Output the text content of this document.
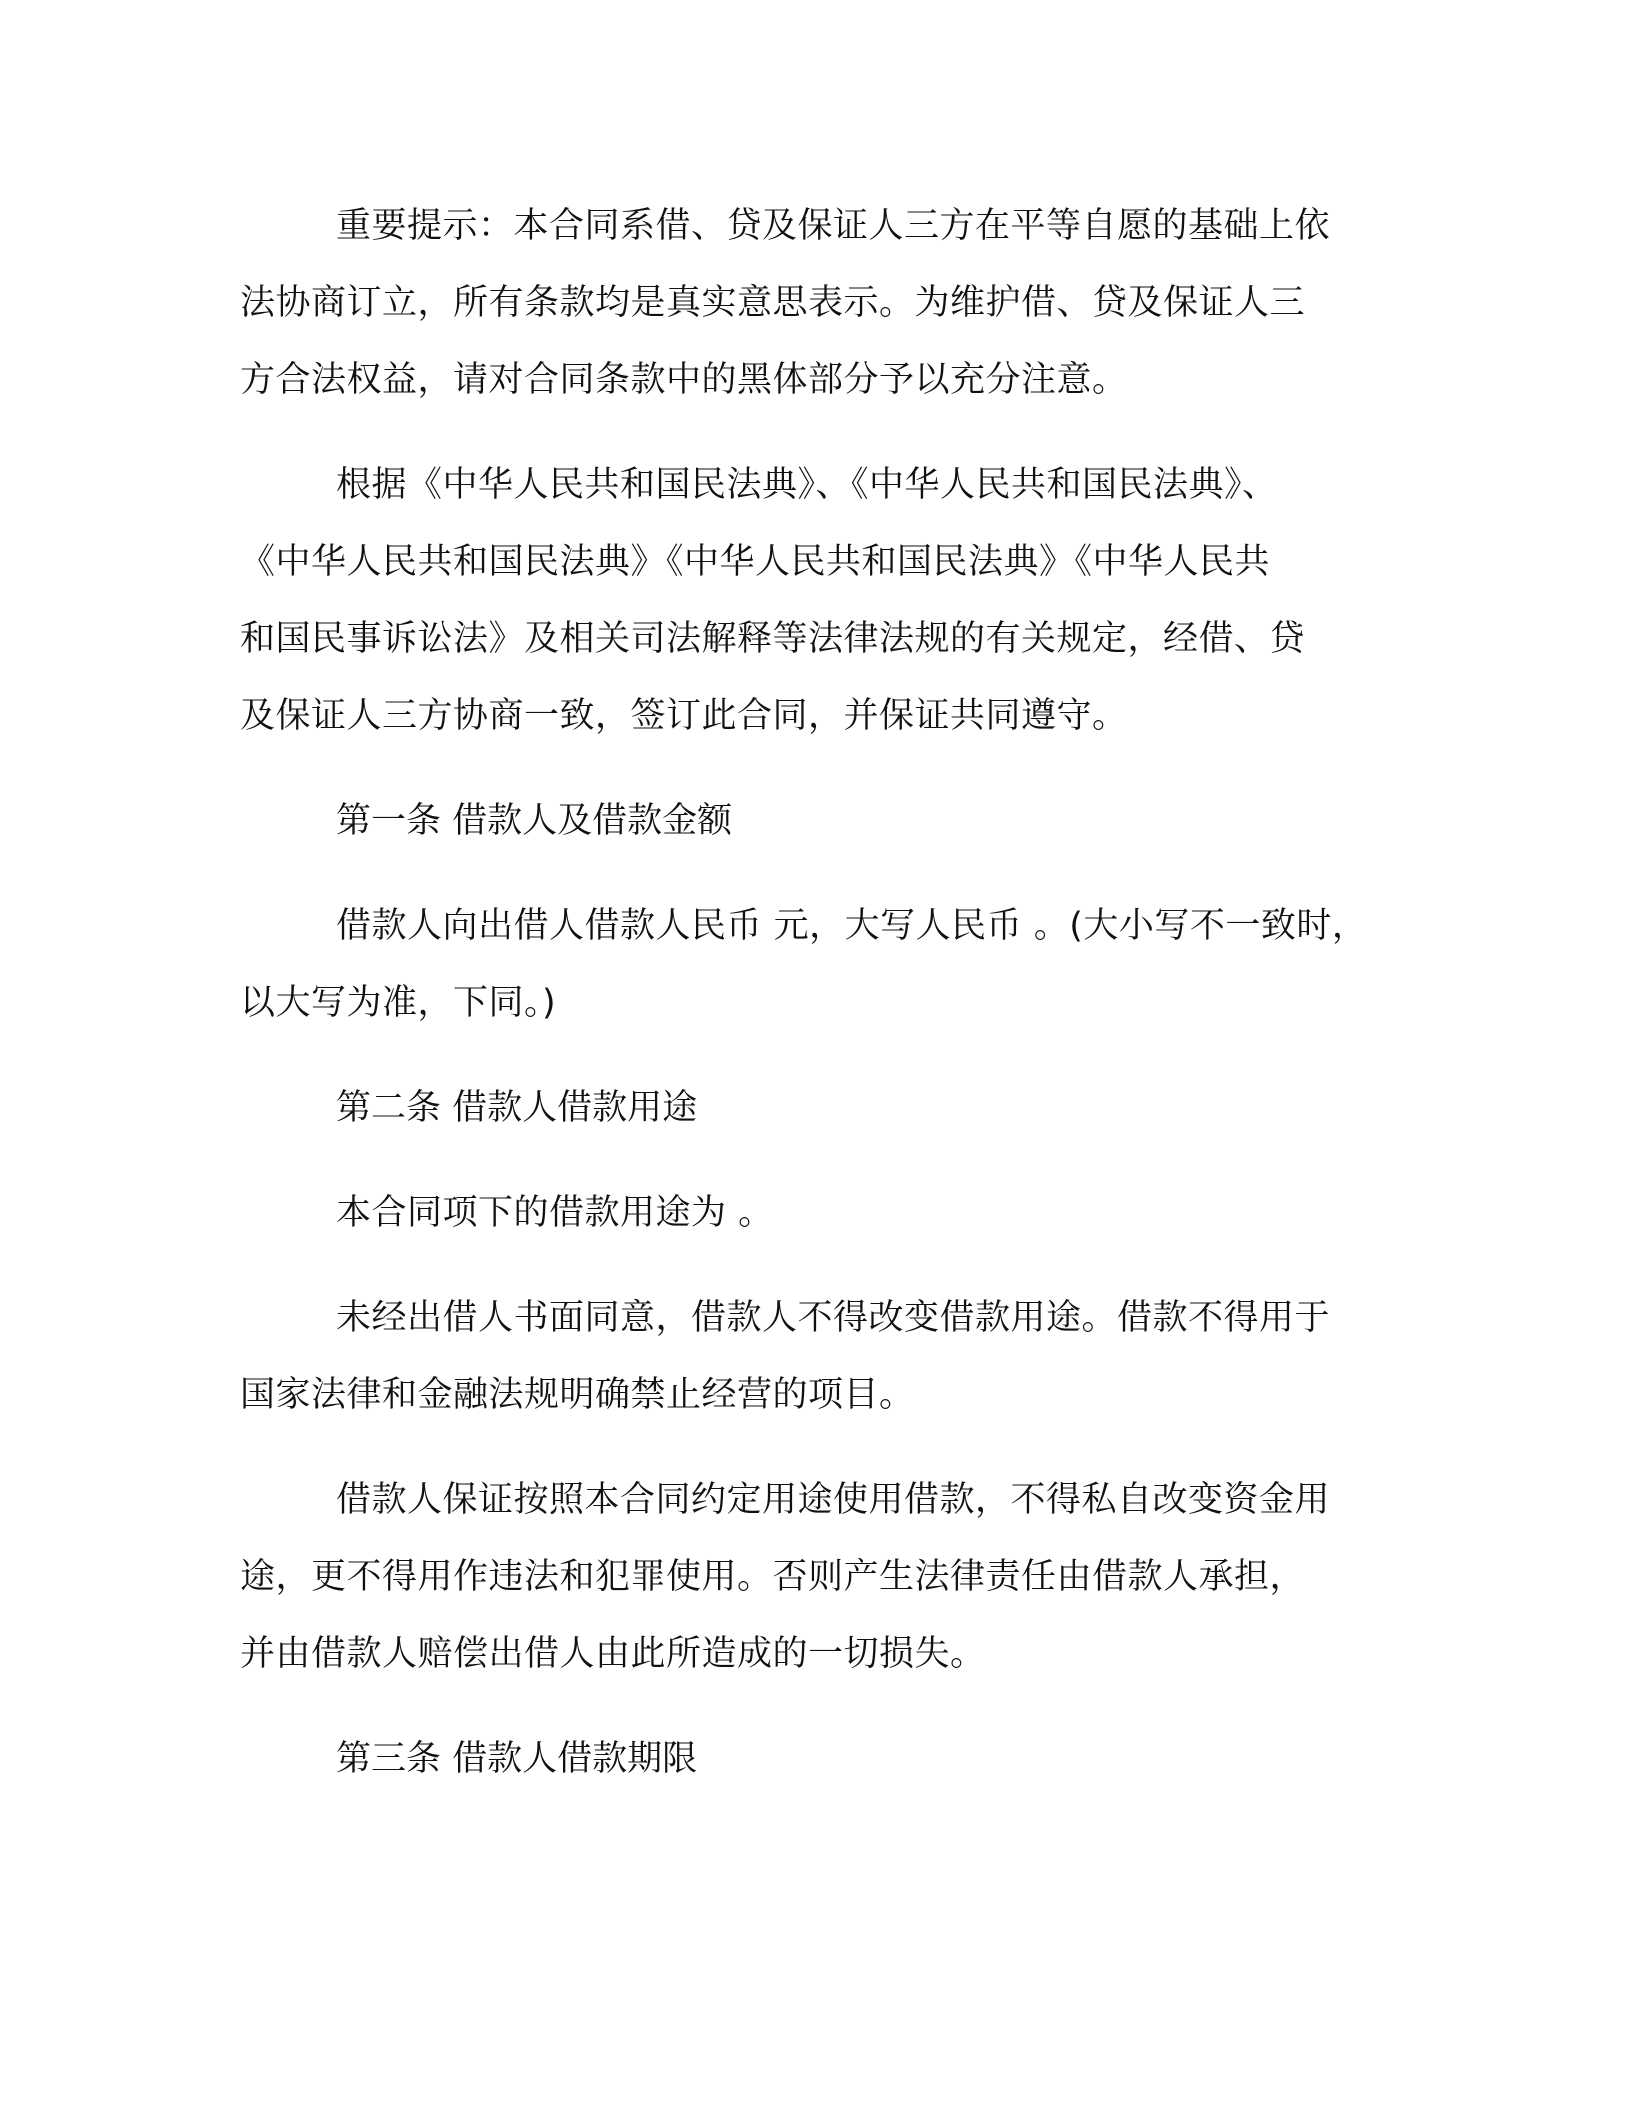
重要提示：本合同系借、贷及保证人三方在平等自愿的基础上依
法协商订立，所有条款均是真实意思表示。为维护借、贷及保证人三
方合法权益，请对合同条款中的黑体部分予以充分注意。

根据《中华人民共和国民法典》、《中华人民共和国民法典》、
《中华人民共和国民法典》《中华人民共和国民法典》《中华人民共
和国民事诉讼法》及相关司法解释等法律法规的有关规定，经借、贷
及保证人三方协商一致，签订此合同，并保证共同遵守。

第一条 借款人及借款金额

借款人向出借人借款人民币 元，大写人民币 。(大小写不一致时，
以大写为准，下同。)

第二条 借款人借款用途

本合同项下的借款用途为 。

未经出借人书面同意，借款人不得改变借款用途。借款不得用于
国家法律和金融法规明确禁止经营的项目。

借款人保证按照本合同约定用途使用借款，不得私自改变资金用
途，更不得用作违法和犯罪使用。否则产生法律责任由借款人承担，
并由借款人赔偿出借人由此所造成的一切损失。

第三条 借款人借款期限
